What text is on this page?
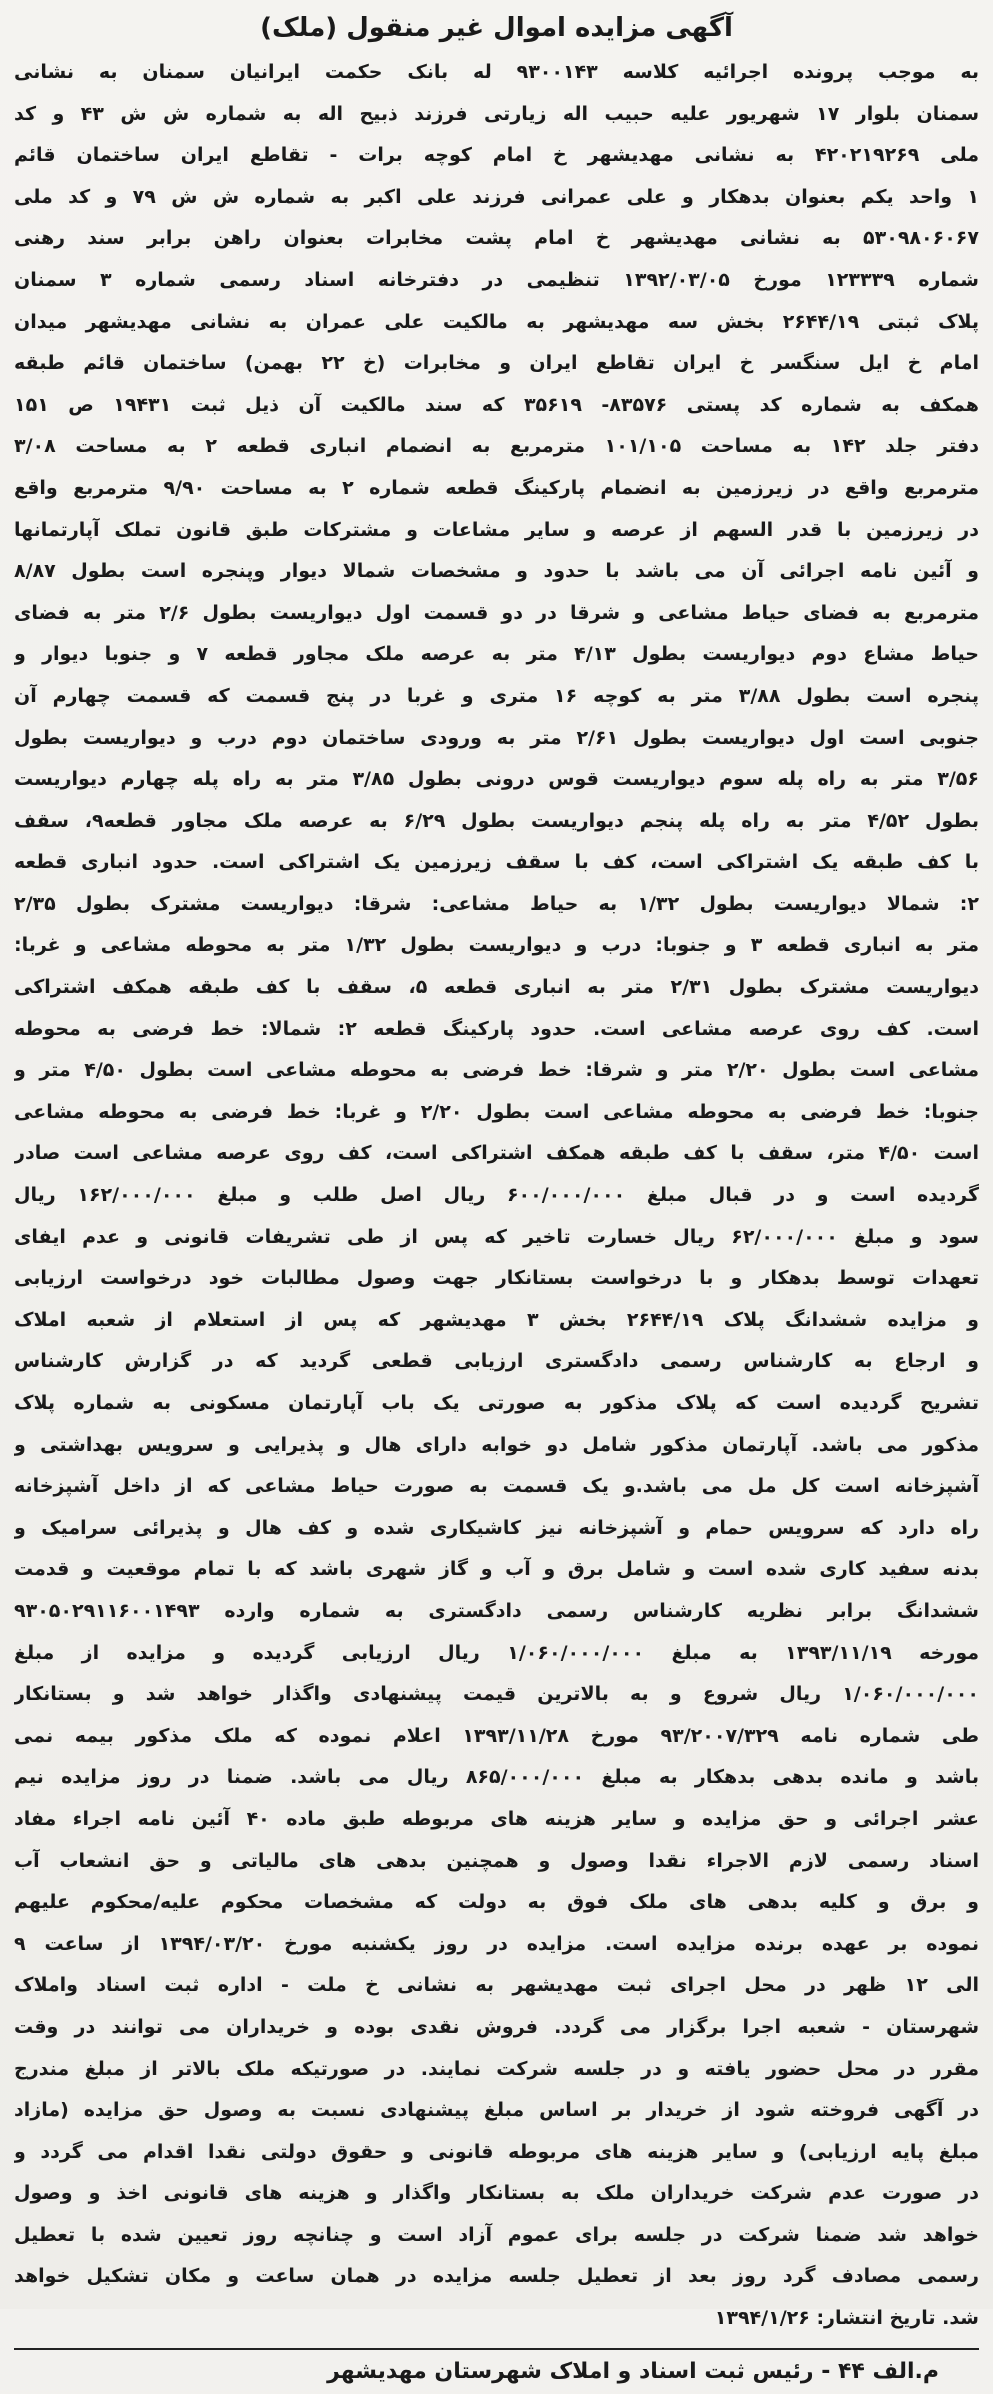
آگهی مزایده اموال غیر منقول (ملک)
به موجب پرونده اجرائیه کلاسه ۹۳۰۰۱۴۳ له بانک حکمت ایرانیان سمنان به نشانی
سمنان بلوار ۱۷ شهریور علیه حبیب اله زیارتی فرزند ذبیح اله به شماره ش ش ۴۳ و کد
ملی ۴۲۰۲۱۹۲۶۹ به نشانی مهدیشهر خ امام کوچه برات - تقاطع ایران ساختمان قائم
۱ واحد یکم بعنوان بدهکار و علی عمرانی فرزند علی اکبر به شماره ش ش ۷۹ و کد ملی
۵۳۰۹۸۰۶۰۶۷ به نشانی مهدیشهر خ امام پشت مخابرات بعنوان راهن برابر سند رهنی
شماره ۱۲۳۳۳۹ مورخ ۱۳۹۲/۰۳/۰۵ تنظیمی در دفترخانه اسناد رسمی شماره ۳ سمنان
پلاک ثبتی ۲۶۴۴/۱۹ بخش سه مهدیشهر به مالکیت علی عمران به نشانی مهدیشهر میدان
امام خ ایل سنگسر خ ایران تقاطع ایران و مخابرات (خ ۲۲ بهمن) ساختمان قائم طبقه
همکف به شماره کد پستی ۸۳۵۷۶- ۳۵۶۱۹ که سند مالکیت آن ذیل ثبت ۱۹۴۳۱ ص ۱۵۱
دفتر جلد ۱۴۲ به مساحت ۱۰۱/۱۰۵ مترمربع به انضمام انباری قطعه ۲ به مساحت ۳/۰۸
مترمربع واقع در زیرزمین به انضمام پارکینگ قطعه شماره ۲ به مساحت ۹/۹۰ مترمربع واقع
در زیرزمین با قدر السهم از عرصه و سایر مشاعات و مشترکات طبق قانون تملک آپارتمانها
و آئین نامه اجرائی آن می باشد با حدود و مشخصات شمالا دیوار وپنجره است بطول ۸/۸۷
مترمربع به فضای حیاط مشاعی و شرقا در دو قسمت اول دیواریست بطول ۲/۶ متر به فضای
حیاط مشاع دوم دیواریست بطول ۴/۱۳ متر به عرصه ملک مجاور قطعه ۷ و جنوبا دیوار و
پنجره است بطول ۳/۸۸ متر به کوچه ۱۶ متری و غربا در پنج قسمت که قسمت چهارم آن
جنوبی است اول دیواریست بطول ۲/۶۱ متر به ورودی ساختمان دوم درب و دیواریست بطول
۳/۵۶ متر به راه پله سوم دیواریست قوس درونی بطول ۳/۸۵ متر به راه پله چهارم دیواریست
بطول ۴/۵۲ متر به راه پله پنجم دیواریست بطول ۶/۲۹ به عرصه ملک مجاور قطعه۹، سقف
با کف طبقه یک اشتراکی است، کف با سقف زیرزمین یک اشتراکی است. حدود انباری قطعه
۲: شمالا دیواریست بطول ۱/۳۲ به حیاط مشاعی: شرقا: دیواریست مشترک بطول ۲/۳۵
متر به انباری قطعه ۳ و جنوبا: درب و دیواریست بطول ۱/۳۲ متر به محوطه مشاعی و غربا:
دیواریست مشترک بطول ۲/۳۱ متر به انباری قطعه ۵، سقف با کف طبقه همکف اشتراکی
است. کف روی عرصه مشاعی است. حدود پارکینگ قطعه ۲: شمالا: خط فرضی به محوطه
مشاعی است بطول ۲/۲۰ متر و شرقا: خط فرضی به محوطه مشاعی است بطول ۴/۵۰ متر و
جنوبا: خط فرضی به محوطه مشاعی است بطول ۲/۲۰ و غربا: خط فرضی به محوطه مشاعی
است ۴/۵۰ متر، سقف با کف طبقه همکف اشتراکی است، کف روی عرصه مشاعی است صادر
گردیده است و در قبال مبلغ ۶۰۰/۰۰۰/۰۰۰ ریال اصل طلب و مبلغ ۱۶۲/۰۰۰/۰۰۰ ریال
سود و مبلغ ۶۲/۰۰۰/۰۰۰ ریال خسارت تاخیر که پس از طی تشریفات قانونی و عدم ایفای
تعهدات توسط بدهکار و با درخواست بستانکار جهت وصول مطالبات خود درخواست ارزیابی
و مزایده ششدانگ پلاک ۲۶۴۴/۱۹ بخش ۳ مهدیشهر که پس از استعلام از شعبه املاک
و ارجاع به کارشناس رسمی دادگستری ارزیابی قطعی گردید که در گزارش کارشناس
تشریح گردیده است که پلاک مذکور به صورتی یک باب آپارتمان مسکونی به شماره پلاک
مذکور می باشد. آپارتمان مذکور شامل دو خوابه دارای هال و پذیرایی و سرویس بهداشتی و
آشپزخانه است کل مل می باشد.و یک قسمت به صورت حیاط مشاعی که از داخل آشپزخانه
راه دارد که سرویس حمام و آشپزخانه نیز کاشیکاری شده و کف هال و پذیرائی سرامیک و
بدنه سفید کاری شده است و شامل برق و آب و گاز شهری باشد که با تمام موقعیت و قدمت
ششدانگ برابر نظریه کارشناس رسمی دادگستری به شماره وارده ۹۳۰۵۰۲۹۱۱۶۰۰۱۴۹۳
مورخه ۱۳۹۳/۱۱/۱۹ به مبلغ ۱/۰۶۰/۰۰۰/۰۰۰ ریال ارزیابی گردیده و مزایده از مبلغ
۱/۰۶۰/۰۰۰/۰۰۰ ریال شروع و به بالاترین قیمت پیشنهادی واگذار خواهد شد و بستانکار
طی شماره نامه ۹۳/۲۰۰۷/۳۲۹ مورخ ۱۳۹۳/۱۱/۲۸ اعلام نموده که ملک مذکور بیمه نمی
باشد و مانده بدهی بدهکار به مبلغ ۸۶۵/۰۰۰/۰۰۰ ریال می باشد. ضمنا در روز مزایده نیم
عشر اجرائی و حق مزایده و سایر هزینه های مربوطه طبق ماده ۴۰ آئین نامه اجراء مفاد
اسناد رسمی لازم الاجراء نقدا وصول و همچنین بدهی های مالیاتی و حق انشعاب آب
و برق و کلیه بدهی های ملک فوق به دولت که مشخصات محکوم علیه/محکوم علیهم
نموده بر عهده برنده مزایده است. مزایده در روز یکشنبه مورخ ۱۳۹۴/۰۳/۲۰ از ساعت ۹
الی ۱۲ ظهر در محل اجرای ثبت مهدیشهر به نشانی خ ملت - اداره ثبت اسناد واملاک
شهرستان - شعبه اجرا برگزار می گردد. فروش نقدی بوده و خریداران می توانند در وقت
مقرر در محل حضور یافته و در جلسه شرکت نمایند. در صورتیکه ملک بالاتر از مبلغ مندرج
در آگهی فروخته شود از خریدار بر اساس مبلغ پیشنهادی نسبت به وصول حق مزایده (مازاد
مبلغ پایه ارزیابی) و سایر هزینه های مربوطه قانونی و حقوق دولتی نقدا اقدام می گردد و
در صورت عدم شرکت خریداران ملک به بستانکار واگذار و هزینه های قانونی اخذ و وصول
خواهد شد ضمنا شرکت در جلسه برای عموم آزاد است و چنانچه روز تعیین شده با تعطیل
رسمی مصادف گرد روز بعد از تعطیل جلسه مزایده در همان ساعت و مکان تشکیل خواهد
شد. تاریخ انتشار: ۱۳۹۴/۱/۲۶
م.الف ۴۴ - رئیس ثبت اسناد و املاک شهرستان مهدیشهر
